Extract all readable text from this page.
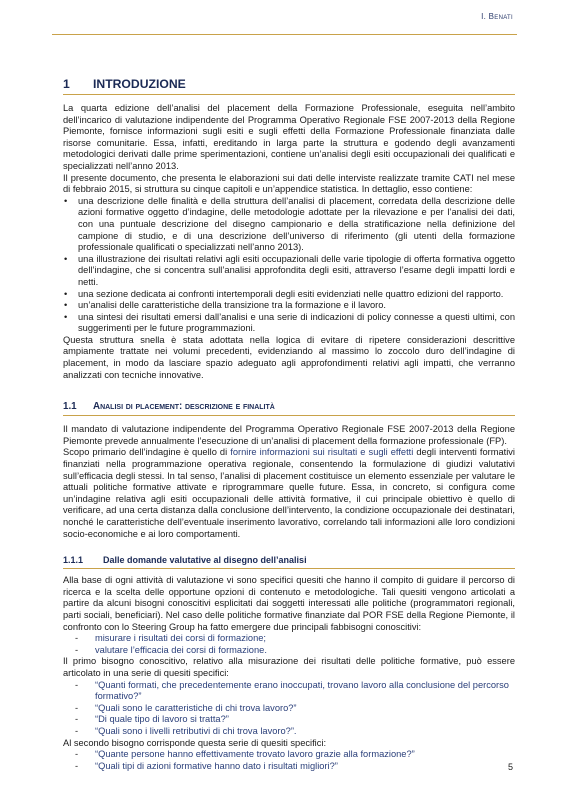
I. Benati
1	INTRODUZIONE

La quarta edizione dell’analisi del placement della Formazione Professionale, eseguita nell’ambito dell’incarico di valutazione indipendente del Programma Operativo Regionale FSE 2007-2013 della Regione Piemonte, fornisce informazioni sugli esiti e sugli effetti della Formazione Professionale finanziata dalle risorse comunitarie. Essa, infatti, ereditando in larga parte la struttura e godendo degli avanzamenti metodologici derivati dalle prime sperimentazioni, contiene un’analisi degli esiti occupazionali dei qualificati e specializzati nell’anno 2013.

Il presente documento, che presenta le elaborazioni sui dati delle interviste realizzate tramite CATI nel mese di febbraio 2015, si struttura su cinque capitoli e un’appendice statistica. In dettaglio, esso contiene:

• una descrizione delle finalità e della struttura dell’analisi di placement, corredata della descrizione delle azioni formative oggetto d’indagine, delle metodologie adottate per la rilevazione e per l’analisi dei dati, con una puntuale descrizione del disegno campionario e della stratificazione nella definizione del campione di studio, e di una descrizione dell’universo di riferimento (gli utenti della formazione professionale qualificati o specializzati nell’anno 2013).
• una illustrazione dei risultati relativi agli esiti occupazionali delle varie tipologie di offerta formativa oggetto dell’indagine, che si concentra sull’analisi approfondita degli esiti, attraverso l’esame degli impatti lordi e netti.
• una sezione dedicata ai confronti intertemporali degli esiti evidenziati nelle quattro edizioni del rapporto.
• un’analisi delle caratteristiche della transizione tra la formazione e il lavoro.
• una sintesi dei risultati emersi dall’analisi e una serie di indicazioni di policy connesse a questi ultimi, con suggerimenti per le future programmazioni.

Questa struttura snella è stata adottata nella logica di evitare di ripetere considerazioni descrittive ampiamente trattate nei volumi precedenti, evidenziando al massimo lo zoccolo duro dell’indagine di placement, in modo da lasciare spazio adeguato agli approfondimenti relativi agli impatti, che verranno analizzati con tecniche innovative.

1.1	Analisi di placement: descrizione e finalità

Il mandato di valutazione indipendente del Programma Operativo Regionale FSE 2007-2013 della Regione Piemonte prevede annualmente l’esecuzione di un’analisi di placement della formazione professionale (FP).

Scopo primario dell’indagine è quello di fornire informazioni sui risultati e sugli effetti degli interventi formativi finanziati nella programmazione operativa regionale, consentendo la formulazione di giudizi valutativi sull’efficacia degli stessi. In tal senso, l’analisi di placement costituisce un elemento essenziale per valutare le attuali politiche formative attivate e riprogrammare quelle future. Essa, in concreto, si configura come un’indagine relativa agli esiti occupazionali delle attività formative, il cui principale obiettivo è quello di verificare, ad una certa distanza dalla conclusione dell’intervento, la condizione occupazionale dei destinatari, nonché le caratteristiche dell’eventuale inserimento lavorativo, correlando tali informazioni alle loro condizioni socio-economiche e ai loro comportamenti.

1.1.1	Dalle domande valutative al disegno dell’analisi

Alla base di ogni attività di valutazione vi sono specifici quesiti che hanno il compito di guidare il percorso di ricerca e la scelta delle opportune opzioni di contenuto e metodologiche. Tali quesiti vengono articolati a partire da alcuni bisogni conoscitivi esplicitati dai soggetti interessati alle politiche (programmatori regionali, parti sociali, beneficiari). Nel caso delle politiche formative finanziate dal POR FSE della Regione Piemonte, il confronto con lo Steering Group ha fatto emergere due principali fabbisogni conoscitivi:

- misurare i risultati dei corsi di formazione;
- valutare l’efficacia dei corsi di formazione.

Il primo bisogno conoscitivo, relativo alla misurazione dei risultati delle politiche formative, può essere articolato in una serie di quesiti specifici:

- “Quanti formati, che precedentemente erano inoccupati, trovano lavoro alla conclusione del percorso formativo?”
- “Quali sono le caratteristiche di chi trova lavoro?”
- “Di quale tipo di lavoro si tratta?”
- “Quali sono i livelli retributivi di chi trova lavoro?”.

Al secondo bisogno corrisponde questa serie di quesiti specifici:

- “Quante persone hanno effettivamente trovato lavoro grazie alla formazione?”
- “Quali tipi di azioni formative hanno dato i risultati migliori?”	5
